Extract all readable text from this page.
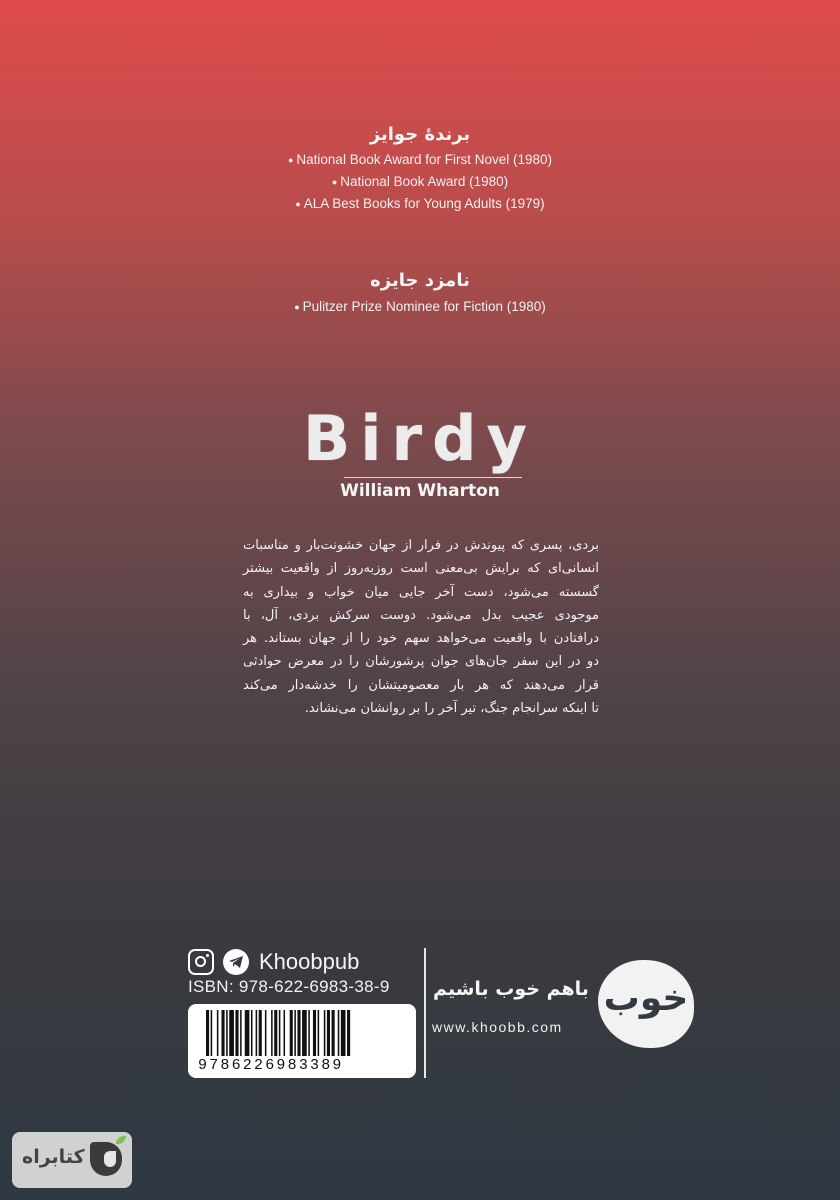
برندهٔ جوایز
● National Book Award for First Novel (1980)
● National Book Award (1980)
● ALA Best Books for Young Adults (1979)
نامزد جایزه
● Pulitzer Prize Nominee for Fiction (1980)
Birdy
William Wharton
بردی، پسری که پیوندش در فرار از جهان خشونت‌بار و مناسبات
انسانی‌ای که برایش بی‌معنی است روزبه‌روز از واقعیت بیشتر
گسسته می‌شود، دست آخر جایی میان خواب و بیداری به
موجودی عجیب بدل می‌شود. دوست سرکش بردی، آل، با
درافتادن با واقعیت می‌خواهد سهم خود را از جهان بستاند. هر
دو در این سفر جان‌های جوان پرشورشان را در معرض حوادثی
قرار می‌دهند که هر بار معصومیتشان را خدشه‌دار می‌کند
تا اینکه سرانجام جنگ، تیر آخر را بر روانشان می‌نشاند.
Khoobpub
ISBN: 978-622-6983-38-9
9786226983389
باهم خوب باشیم
www.khoobb.com
خوب
کتابراه
